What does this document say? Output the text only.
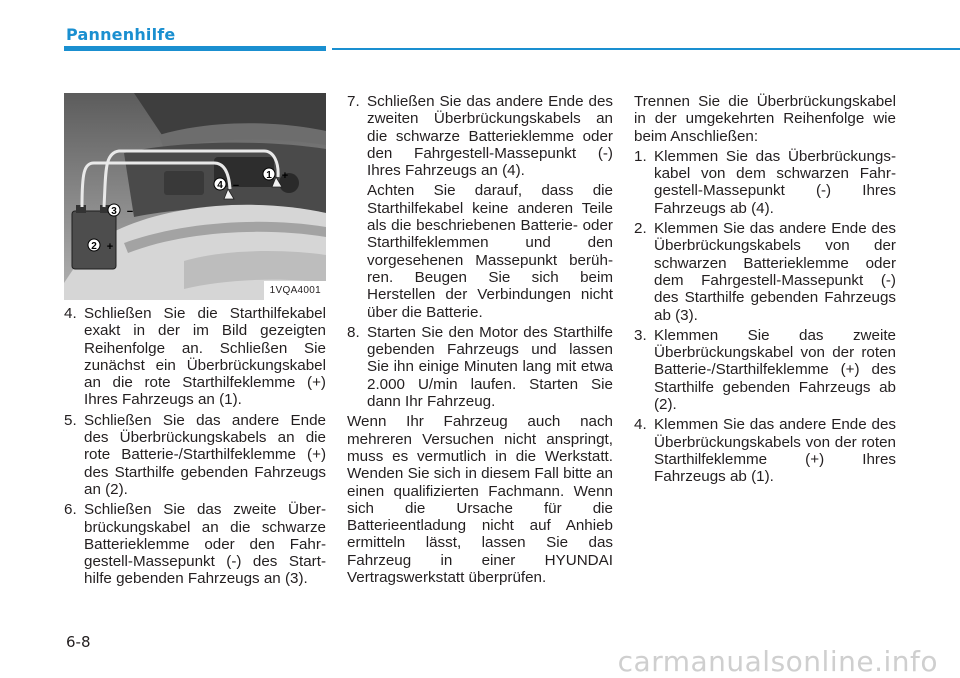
Pannenhilfe
1 +
4 −
3 −
2 +
1VQA4001
4. Schließen Sie die Starthilfekabel exakt in der im Bild gezeigten Reihenfolge an. Schließen Sie zunächst ein Überbrückungskabel an die rote Starthilfeklemme (+) Ihres Fahrzeugs an (1).
5. Schließen Sie das andere Ende des Überbrückungskabels an die rote Batterie-/Starthilfeklemme (+) des Starthilfe gebenden Fahrzeugs an (2).
6. Schließen Sie das zweite Überbrückungskabel an die schwarze Batterieklemme oder den Fahrgestell-Massepunkt (-) des Starthilfe gebenden Fahrzeugs an (3).
7. Schließen Sie das andere Ende des zweiten Überbrückungskabels an die schwarze Batterieklemme oder den Fahrgestell-Massepunkt (-) Ihres Fahrzeugs an (4).
Achten Sie darauf, dass die Starthilfekabel keine anderen Teile als die beschriebenen Batterie- oder Starthilfeklemmen und den vorgesehenen Massepunkt berühren. Beugen Sie sich beim Herstellen der Verbindungen nicht über die Batterie.
8. Starten Sie den Motor des Starthilfe gebenden Fahrzeugs und lassen Sie ihn einige Minuten lang mit etwa 2.000 U/min laufen. Starten Sie dann Ihr Fahrzeug.
Wenn Ihr Fahrzeug auch nach mehreren Versuchen nicht anspringt, muss es vermutlich in die Werkstatt. Wenden Sie sich in diesem Fall bitte an einen qualifizierten Fachmann. Wenn sich die Ursache für die Batterieentladung nicht auf Anhieb ermitteln lässt, lassen Sie das Fahrzeug in einer HYUNDAI Vertragswerkstatt überprüfen.
Trennen Sie die Überbrückungskabel in der umgekehrten Reihenfolge wie beim Anschließen:
1. Klemmen Sie das Überbrückungskabel von dem schwarzen Fahrgestell-Massepunkt (-) Ihres Fahrzeugs ab (4).
2. Klemmen Sie das andere Ende des Überbrückungskabels von der schwarzen Batterieklemme oder dem Fahrgestell-Massepunkt (-) des Starthilfe gebenden Fahrzeugs ab (3).
3. Klemmen Sie das zweite Überbrückungskabel von der roten Batterie-/Starthilfeklemme (+) des Starthilfe gebenden Fahrzeugs ab (2).
4. Klemmen Sie das andere Ende des Überbrückungskabels von der roten Starthilfeklemme (+) Ihres Fahrzeugs ab (1).
6-8
carmanualsonline.info
